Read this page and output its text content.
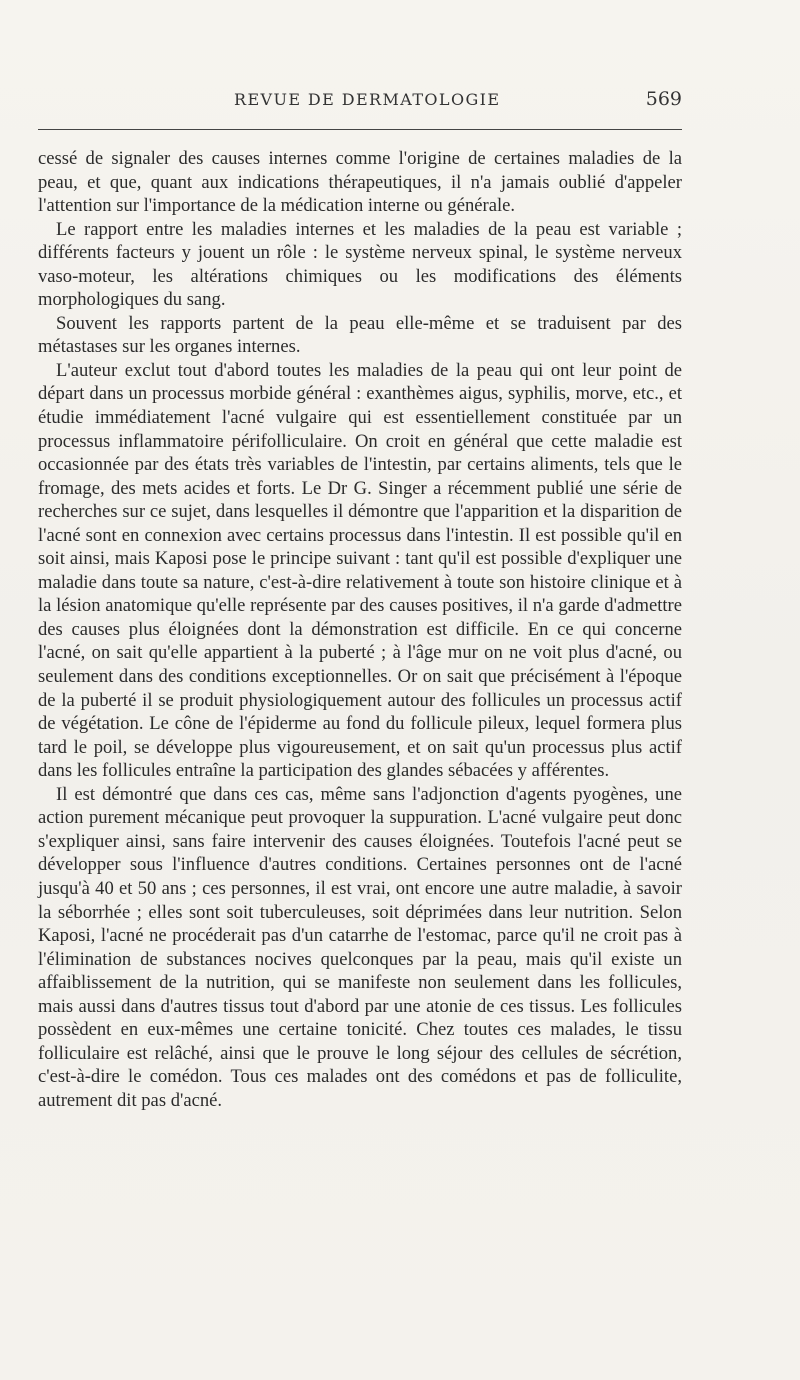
REVUE DE DERMATOLOGIE	569

cessé de signaler des causes internes comme l'origine de certaines maladies de la peau, et que, quant aux indications thérapeutiques, il n'a jamais oublié d'appeler l'attention sur l'importance de la médication interne ou générale.

Le rapport entre les maladies internes et les maladies de la peau est variable ; différents facteurs y jouent un rôle : le système nerveux spinal, le système nerveux vaso-moteur, les altérations chimiques ou les modifications des éléments morphologiques du sang.

Souvent les rapports partent de la peau elle-même et se traduisent par des métastases sur les organes internes.

L'auteur exclut tout d'abord toutes les maladies de la peau qui ont leur point de départ dans un processus morbide général : exanthèmes aigus, syphilis, morve, etc., et étudie immédiatement l'acné vulgaire qui est essentiellement constituée par un processus inflammatoire périfolliculaire. On croit en général que cette maladie est occasionnée par des états très variables de l'intestin, par certains aliments, tels que le fromage, des mets acides et forts. Le Dr G. Singer a récemment publié une série de recherches sur ce sujet, dans lesquelles il démontre que l'apparition et la disparition de l'acné sont en connexion avec certains processus dans l'intestin. Il est possible qu'il en soit ainsi, mais Kaposi pose le principe suivant : tant qu'il est possible d'expliquer une maladie dans toute sa nature, c'est-à-dire relativement à toute son histoire clinique et à la lésion anatomique qu'elle représente par des causes positives, il n'a garde d'admettre des causes plus éloignées dont la démonstration est difficile. En ce qui concerne l'acné, on sait qu'elle appartient à la puberté ; à l'âge mur on ne voit plus d'acné, ou seulement dans des conditions exceptionnelles. Or on sait que précisément à l'époque de la puberté il se produit physiologiquement autour des follicules un processus actif de végétation. Le cône de l'épiderme au fond du follicule pileux, lequel formera plus tard le poil, se développe plus vigoureusement, et on sait qu'un processus plus actif dans les follicules entraîne la participation des glandes sébacées y afférentes.

Il est démontré que dans ces cas, même sans l'adjonction d'agents pyogènes, une action purement mécanique peut provoquer la suppuration. L'acné vulgaire peut donc s'expliquer ainsi, sans faire intervenir des causes éloignées. Toutefois l'acné peut se développer sous l'influence d'autres conditions. Certaines personnes ont de l'acné jusqu'à 40 et 50 ans ; ces personnes, il est vrai, ont encore une autre maladie, à savoir la séborrhée ; elles sont soit tuberculeuses, soit déprimées dans leur nutrition. Selon Kaposi, l'acné ne procéderait pas d'un catarrhe de l'estomac, parce qu'il ne croit pas à l'élimination de substances nocives quelconques par la peau, mais qu'il existe un affaiblissement de la nutrition, qui se manifeste non seulement dans les follicules, mais aussi dans d'autres tissus tout d'abord par une atonie de ces tissus. Les follicules possèdent en eux-mêmes une certaine tonicité. Chez toutes ces malades, le tissu folliculaire est relâché, ainsi que le prouve le long séjour des cellules de sécrétion, c'est-à-dire le comédon. Tous ces malades ont des comédons et pas de folliculite, autrement dit pas d'acné.
